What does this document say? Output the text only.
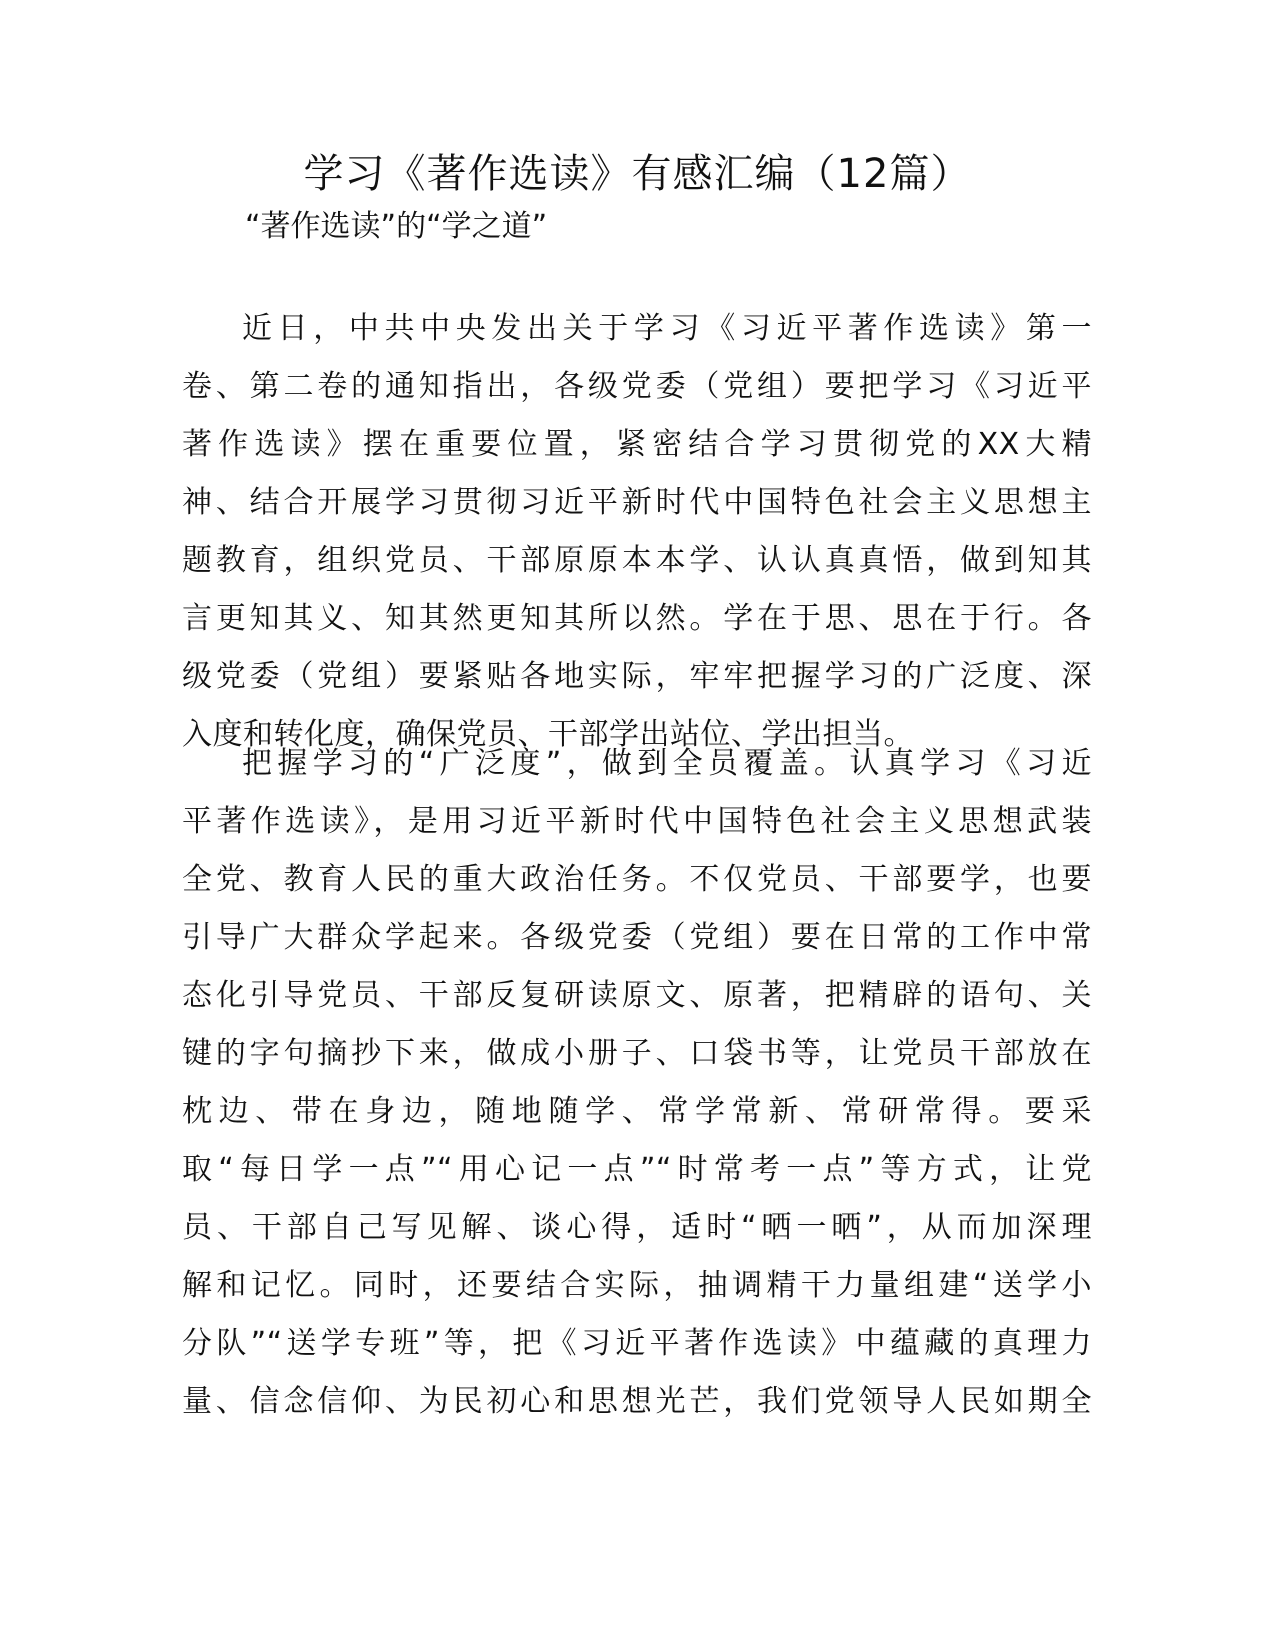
学习《著作选读》有感汇编（12篇）

“著作选读”的“学之道”

近日，中共中央发出关于学习《习近平著作选读》第一
卷、第二卷的通知指出，各级党委（党组）要把学习《习近平
著作选读》摆在重要位置，紧密结合学习贯彻党的XX大精
神、结合开展学习贯彻习近平新时代中国特色社会主义思想主
题教育，组织党员、干部原原本本学、认认真真悟，做到知其
言更知其义、知其然更知其所以然。学在于思、思在于行。各
级党委（党组）要紧贴各地实际，牢牢把握学习的广泛度、深
入度和转化度，确保党员、干部学出站位、学出担当。
把握学习的“广泛度”，做到全员覆盖。认真学习《习近
平著作选读》，是用习近平新时代中国特色社会主义思想武装
全党、教育人民的重大政治任务。不仅党员、干部要学，也要
引导广大群众学起来。各级党委（党组）要在日常的工作中常
态化引导党员、干部反复研读原文、原著，把精辟的语句、关
键的字句摘抄下来，做成小册子、口袋书等，让党员干部放在
枕边、带在身边，随地随学、常学常新、常研常得。要采
取“每日学一点”“用心记一点”“时常考一点”等方式，让党
员、干部自己写见解、谈心得，适时“晒一晒”，从而加深理
解和记忆。同时，还要结合实际，抽调精干力量组建“送学小
分队”“送学专班”等，把《习近平著作选读》中蕴藏的真理力
量、信念信仰、为民初心和思想光芒，我们党领导人民如期全
